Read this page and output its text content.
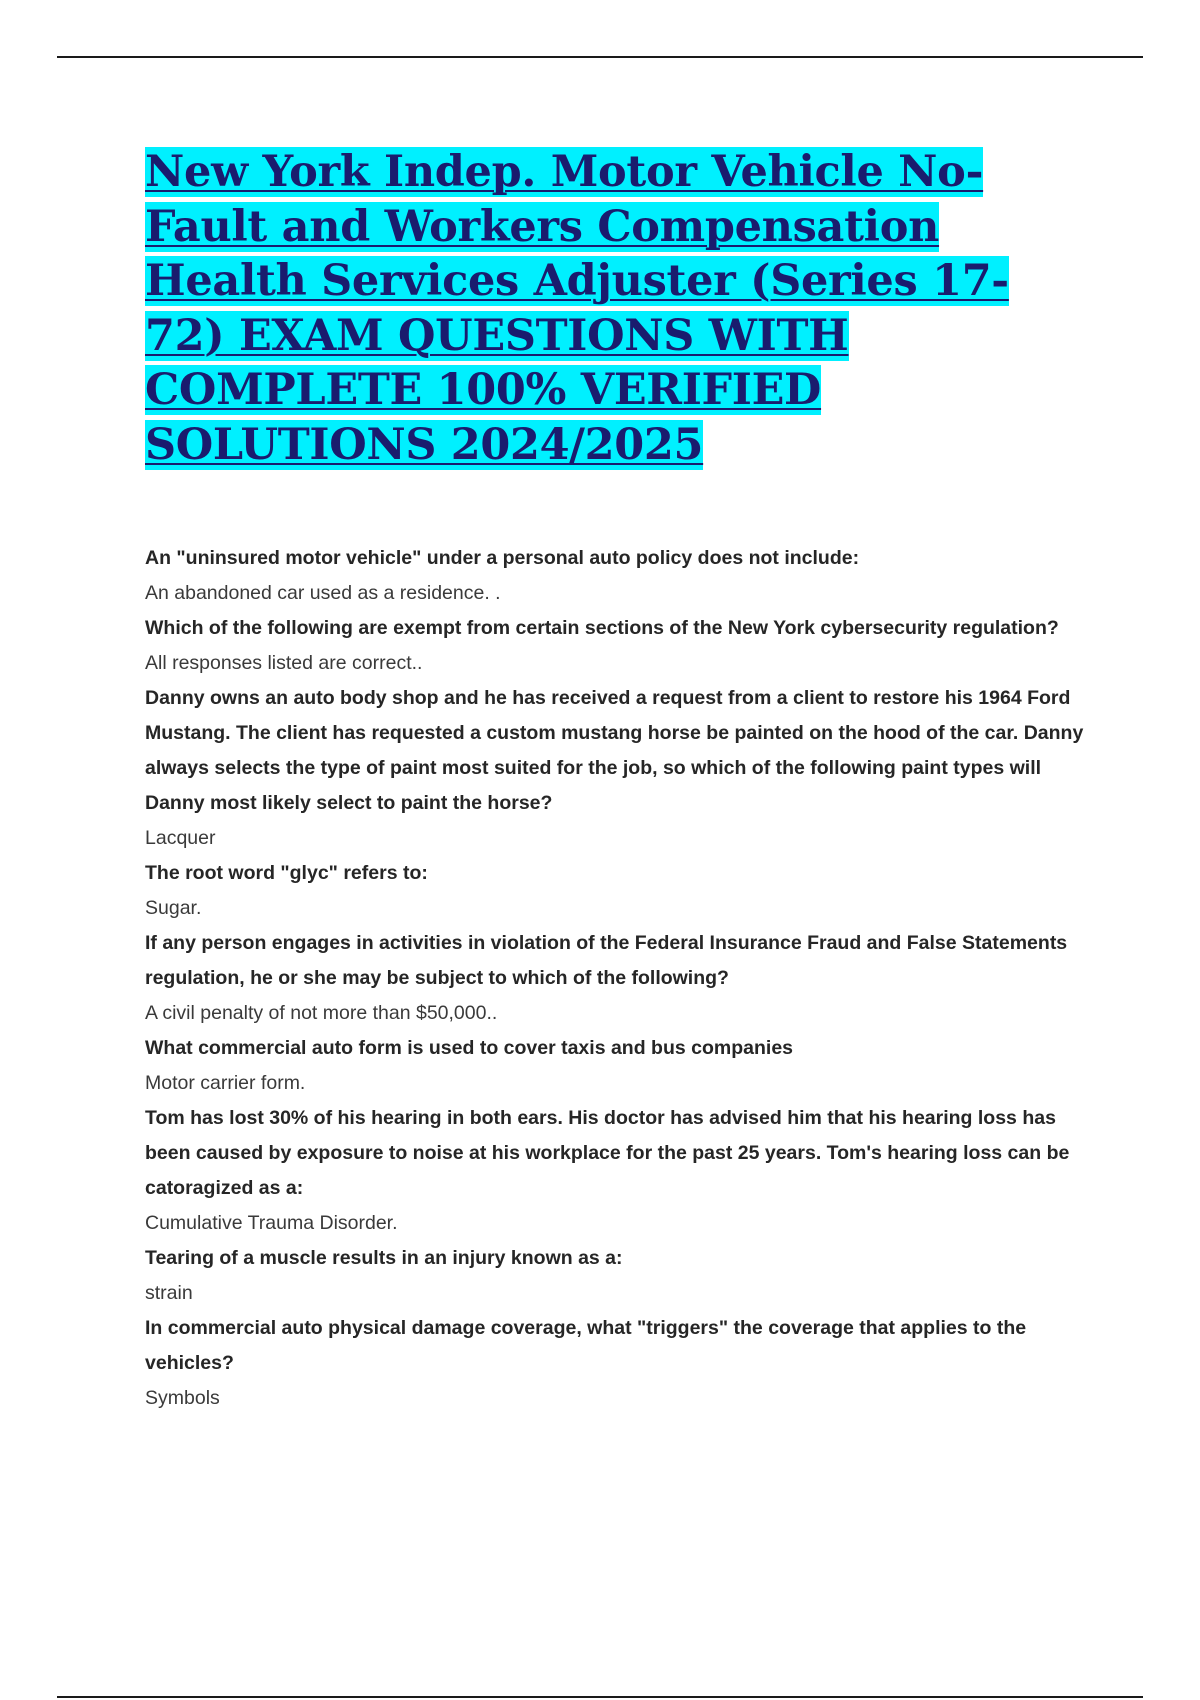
New York Indep. Motor Vehicle No-Fault and Workers Compensation Health Services Adjuster (Series 17-72) EXAM QUESTIONS WITH COMPLETE 100% VERIFIED SOLUTIONS 2024/2025

An "uninsured motor vehicle" under a personal auto policy does not include:

An abandoned car used as a residence. .

Which of the following are exempt from certain sections of the New York cybersecurity regulation?

All responses listed are correct..

Danny owns an auto body shop and he has received a request from a client to restore his 1964 Ford Mustang. The client has requested a custom mustang horse be painted on the hood of the car. Danny always selects the type of paint most suited for the job, so which of the following paint types will Danny most likely select to paint the horse?

Lacquer

The root word "glyc" refers to:

Sugar.

If any person engages in activities in violation of the Federal Insurance Fraud and False Statements regulation, he or she may be subject to which of the following?

A civil penalty of not more than $50,000..

What commercial auto form is used to cover taxis and bus companies

Motor carrier form.

Tom has lost 30% of his hearing in both ears. His doctor has advised him that his hearing loss has been caused by exposure to noise at his workplace for the past 25 years. Tom's hearing loss can be catoragized as a:

Cumulative Trauma Disorder.

Tearing of a muscle results in an injury known as a:

strain

In commercial auto physical damage coverage, what "triggers" the coverage that applies to the vehicles?

Symbols
